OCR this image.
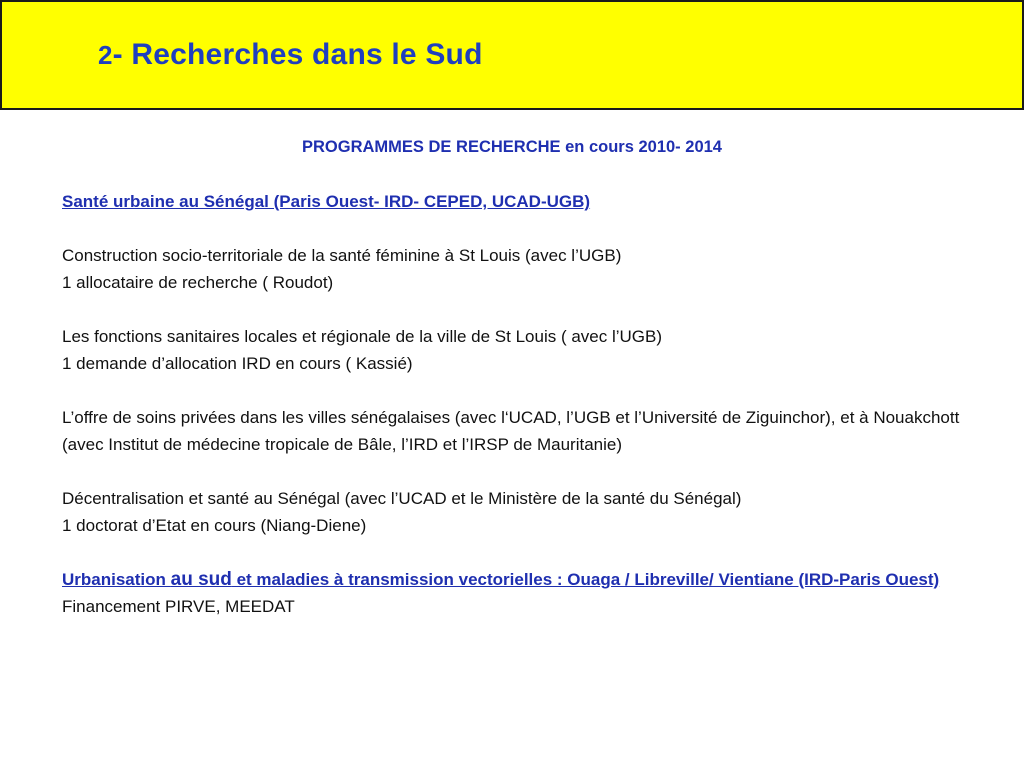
2- Recherches dans le Sud
PROGRAMMES DE RECHERCHE en cours 2010- 2014
Santé urbaine au Sénégal (Paris Ouest- IRD- CEPED, UCAD-UGB)
Construction socio-territoriale de la santé féminine à St Louis (avec l’UGB)
1 allocataire de recherche ( Roudot)
Les fonctions sanitaires locales et régionale de la ville de St Louis ( avec l’UGB)
1 demande d’allocation IRD en cours ( Kassié)
L’offre de soins privées dans les villes sénégalaises (avec l‘UCAD, l’UGB et l’Université de Ziguinchor), et à Nouakchott (avec Institut de médecine tropicale de Bâle, l’IRD et l’IRSP de Mauritanie)
Décentralisation et santé au Sénégal (avec l’UCAD et le Ministère de la santé du Sénégal)
1 doctorat d’Etat en cours (Niang-Diene)
Urbanisation au sud et maladies à transmission vectorielles : Ouaga / Libreville/ Vientiane (IRD-Paris Ouest)
Financement PIRVE, MEEDAT
